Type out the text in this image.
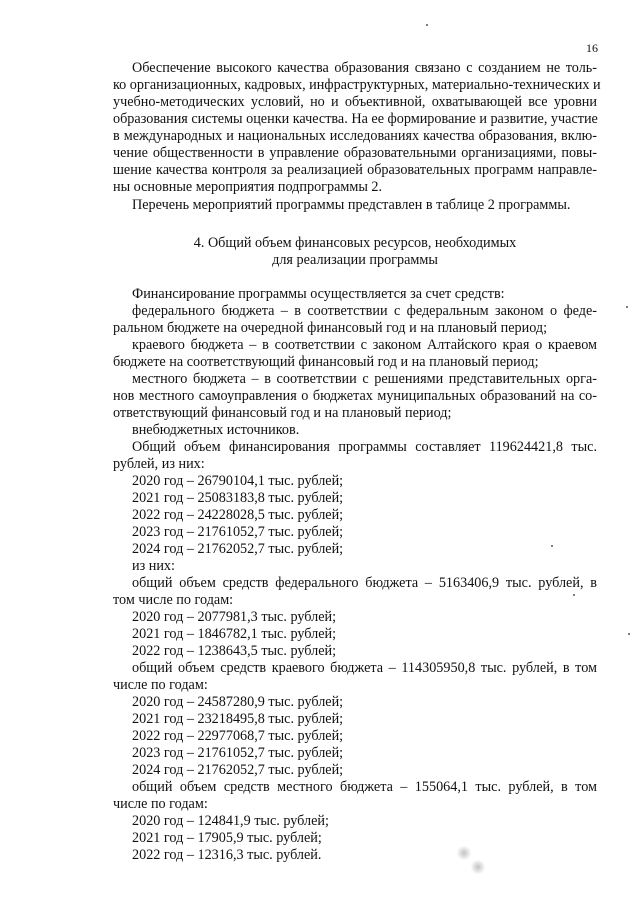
16
Обеспечение высокого качества образования связано с созданием не толь-
ко организационных, кадровых, инфраструктурных, материально-технических и
учебно-методических условий, но и объективной, охватывающей все уровни
образования системы оценки качества. На ее формирование и развитие, участие
в международных и национальных исследованиях качества образования, вклю-
чение общественности в управление образовательными организациями, повы-
шение качества контроля за реализацией образовательных программ направле-
ны основные мероприятия подпрограммы 2.
Перечень мероприятий программы представлен в таблице 2 программы.
4. Общий объем финансовых ресурсов, необходимых
для реализации программы
Финансирование программы осуществляется за счет средств:
федерального бюджета – в соответствии с федеральным законом о феде-
ральном бюджете на очередной финансовый год и на плановый период;
краевого бюджета – в соответствии с законом Алтайского края о краевом
бюджете на соответствующий финансовый год и на плановый период;
местного бюджета – в соответствии с решениями представительных орга-
нов местного самоуправления о бюджетах муниципальных образований на со-
ответствующий финансовый год и на плановый период;
внебюджетных источников.
Общий объем финансирования программы составляет 119624421,8 тыс.
рублей, из них:
2020 год – 26790104,1 тыс. рублей;
2021 год – 25083183,8 тыс. рублей;
2022 год – 24228028,5 тыс. рублей;
2023 год – 21761052,7 тыс. рублей;
2024 год – 21762052,7 тыс. рублей;
из них:
общий объем средств федерального бюджета – 5163406,9 тыс. рублей, в
том числе по годам:
2020 год – 2077981,3 тыс. рублей;
2021 год – 1846782,1 тыс. рублей;
2022 год – 1238643,5 тыс. рублей;
общий объем средств краевого бюджета – 114305950,8 тыс. рублей, в том
числе по годам:
2020 год – 24587280,9 тыс. рублей;
2021 год – 23218495,8 тыс. рублей;
2022 год – 22977068,7 тыс. рублей;
2023 год – 21761052,7 тыс. рублей;
2024 год – 21762052,7 тыс. рублей;
общий объем средств местного бюджета – 155064,1 тыс. рублей, в том
числе по годам:
2020 год – 124841,9 тыс. рублей;
2021 год – 17905,9 тыс. рублей;
2022 год – 12316,3 тыс. рублей.
